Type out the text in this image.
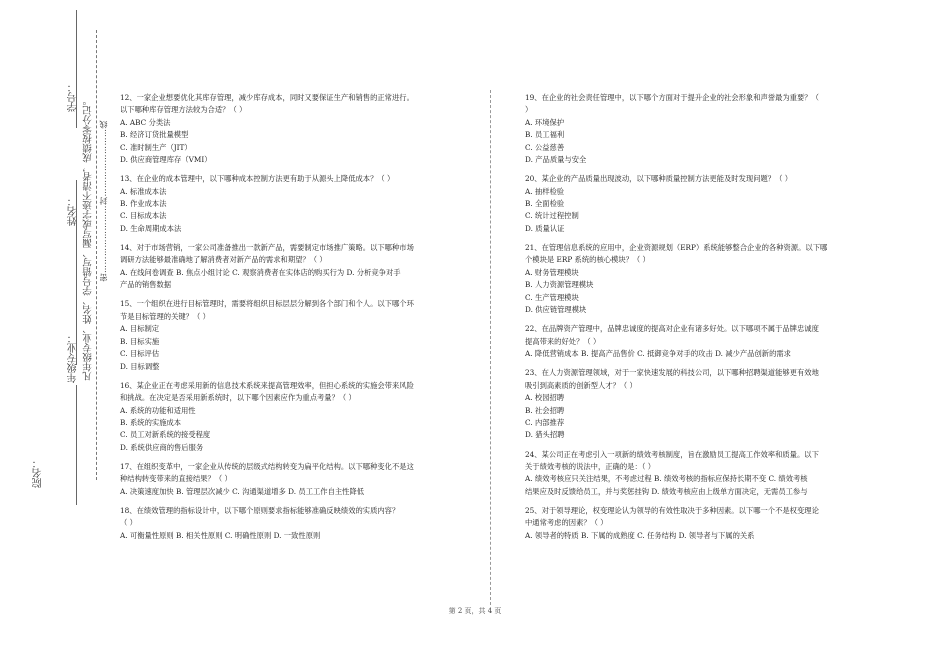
学号：
姓名：
年级专业：
院名：
凡年级专业、姓名、学号错写、漏写或字迹不清者，成绩按零分记。 密……………………封……………………线

12、一家企业想要优化其库存管理，减少库存成本，同时又要保证生产和销售的正常进行。
以下哪种库存管理方法较为合适？（ ）

A. ABC 分类法

B. 经济订货批量模型

C. 准时制生产（JIT）

D. 供应商管理库存（VMI）

13、在企业的成本管理中，以下哪种成本控制方法更有助于从源头上降低成本？（ ）

A. 标准成本法

B. 作业成本法

C. 目标成本法

D. 生命周期成本法

14、对于市场营销，一家公司准备推出一款新产品，需要制定市场推广策略。以下哪种市场
调研方法能够最准确地了解消费者对新产品的需求和期望？（ ）

A. 在线问卷调查 B. 焦点小组讨论 C. 观察消费者在实体店的购买行为 D. 分析竞争对手
产品的销售数据

15、一个组织在进行目标管理时，需要将组织目标层层分解到各个部门和个人。以下哪个环
节是目标管理的关键？（ ）

A. 目标制定

B. 目标实施

C. 目标评估

D. 目标调整

16、某企业正在考虑采用新的信息技术系统来提高管理效率，但担心系统的实施会带来风险
和挑战。在决定是否采用新系统时，以下哪个因素应作为重点考量？（ ）

A. 系统的功能和适用性

B. 系统的实施成本

C. 员工对新系统的接受程度

D. 系统供应商的售后服务

17、在组织变革中，一家企业从传统的层级式结构转变为扁平化结构。以下哪种变化不是这
种结构转变带来的直接结果？（ ）

A. 决策速度加快 B. 管理层次减少 C. 沟通渠道增多 D. 员工工作自主性降低

18、在绩效管理的指标设计中，以下哪个原则要求指标能够准确反映绩效的实质内容？
（ ）

A. 可衡量性原则 B. 相关性原则 C. 明确性原则 D. 一致性原则

19、在企业的社会责任管理中，以下哪个方面对于提升企业的社会形象和声誉最为重要？（
）

A. 环境保护

B. 员工福利

C. 公益慈善

D. 产品质量与安全

20、某企业的产品质量出现波动，以下哪种质量控制方法更能及时发现问题？（ ）

A. 抽样检验

B. 全面检验

C. 统计过程控制

D. 质量认证

21、在管理信息系统的应用中，企业资源规划（ERP）系统能够整合企业的各种资源。以下哪
个模块是 ERP 系统的核心模块？（ ）

A. 财务管理模块

B. 人力资源管理模块

C. 生产管理模块

D. 供应链管理模块

22、在品牌资产管理中，品牌忠诚度的提高对企业有诸多好处。以下哪项不属于品牌忠诚度
提高带来的好处？（ ）

A. 降低营销成本 B. 提高产品售价 C. 抵御竞争对手的攻击 D. 减少产品创新的需求

23、在人力资源管理领域，对于一家快速发展的科技公司，以下哪种招聘渠道能够更有效地
吸引到高素质的创新型人才？（ ）

A. 校园招聘

B. 社会招聘

C. 内部推荐

D. 猎头招聘

24、某公司正在考虑引入一项新的绩效考核制度，旨在激励员工提高工作效率和质量。以下
关于绩效考核的说法中，正确的是：（ ）

A. 绩效考核应只关注结果，不考虑过程 B. 绩效考核的指标应保持长期不变 C. 绩效考核
结果应及时反馈给员工，并与奖惩挂钩 D. 绩效考核应由上级单方面决定，无需员工参与

25、对于领导理论，权变理论认为领导的有效性取决于多种因素。以下哪一个不是权变理论
中通常考虑的因素？（ ）

A. 领导者的特质 B. 下属的成熟度 C. 任务结构 D. 领导者与下属的关系

第 2 页，共 4 页
